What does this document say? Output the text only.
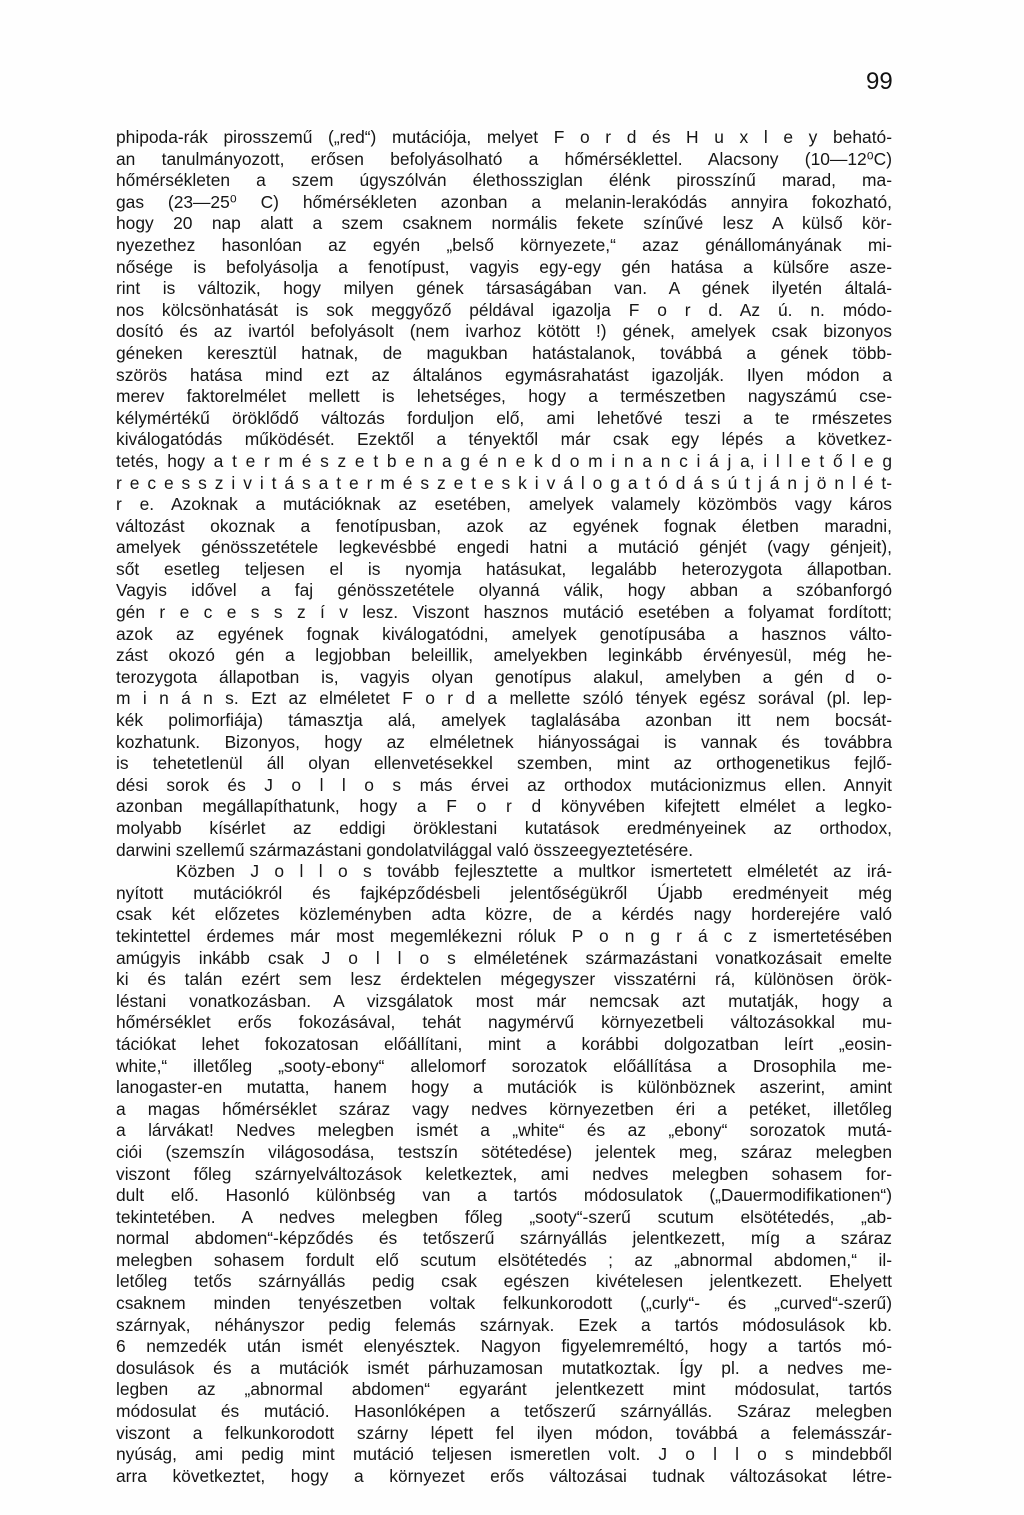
99
phipoda-rák pirosszemű („red“) mutációja, melyet F o r d és H u x l e y beható-
an tanulmányozott, erősen befolyásolható a hőmérséklettel. Alacsony (10—12⁰C)
hőmérsékleten a szem úgyszólván élethossziglan élénk pirosszínű marad, ma-
gas (23—25⁰ C) hőmérsékleten azonban a melanin-lerakódás annyira fokozható,
hogy 20 nap alatt a szem csaknem normális fekete színűvé lesz A külső kör-
nyezethez hasonlóan az egyén „belső környezete,“ azaz génállományának mi-
nősége is befolyásolja a fenotípust, vagyis egy-egy gén hatása a külsőre asze-
rint is változik, hogy milyen gének társaságában van. A gének ilyetén általá-
nos kölcsönhatását is sok meggyőző példával igazolja F o r d. Az ú. n. módo-
dosító és az ivartól befolyásolt (nem ivarhoz kötött !) gének, amelyek csak bizonyos
géneken keresztül hatnak, de magukban hatástalanok, továbbá a gének több-
szörös hatása mind ezt az általános egymásrahatást igazolják. Ilyen módon a
merev faktorelmélet mellett is lehetséges, hogy a természetben nagyszámú cse-
kélymértékű öröklődő változás forduljon elő, ami lehetővé teszi a te rmészetes
kiválogatódás működését. Ezektől a tényektől már csak egy lépés a következ-
tetés, hogy a t e r m é s z e t b e n a g é n e k d o m i n a n c i á j a, i l l e t ő l e g
r e c e s s z i v i t á s a t e r m é s z e t e s k i v á l o g a t ó d á s ú t j á n j ö n l é t-
r e. Azoknak a mutációknak az esetében, amelyek valamely közömbös vagy káros
változást okoznak a fenotípusban, azok az egyének fognak életben maradni,
amelyek génösszetétele legkevésbbé engedi hatni a mutáció génjét (vagy génjeit),
sőt esetleg teljesen el is nyomja hatásukat, legalább heterozygota állapotban.
Vagyis idővel a faj génösszetétele olyanná válik, hogy abban a szóbanforgó
gén r e c e s s z í v lesz. Viszont hasznos mutáció esetében a folyamat fordított;
azok az egyének fognak kiválogatódni, amelyek genotípusába a hasznos válto-
zást okozó gén a legjobban beleillik, amelyekben leginkább érvényesül, még he-
terozygota állapotban is, vagyis olyan genotípus alakul, amelyben a gén d o-
m i n á n s. Ezt az elméletet F o r d a mellette szóló tények egész sorával (pl. lep-
kék polimorfiája) támasztja alá, amelyek taglalásába azonban itt nem bocsát-
kozhatunk. Bizonyos, hogy az elméletnek hiányosságai is vannak és továbbra
is tehetetlenül áll olyan ellenvetésekkel szemben, mint az orthogenetikus fejlő-
dési sorok és J o l l o s más érvei az orthodox mutácionizmus ellen. Annyit
azonban megállapíthatunk, hogy a F o r d könyvében kifejtett elmélet a legko-
molyabb kísérlet az eddigi öröklestani kutatások eredményeinek az orthodox,
darwini szellemű származástani gondolatvilággal való összeegyeztetésére.
Közben J o l l o s tovább fejlesztette a multkor ismertetett elméletét az irá-
nyított mutációkról és fajképződésbeli jelentőségükről Újabb eredményeit még
csak két előzetes közleményben adta közre, de a kérdés nagy horderejére való
tekintettel érdemes már most megemlékezni róluk P o n g r á c z ismertetésében
amúgyis inkább csak J o l l o s elméletének származástani vonatkozásait emelte
ki és talán ezért sem lesz érdektelen mégegyszer visszatérni rá, különösen örök-
léstani vonatkozásban. A vizsgálatok most már nemcsak azt mutatják, hogy a
hőmérséklet erős fokozásával, tehát nagymérvű környezetbeli változásokkal mu-
tációkat lehet fokozatosan előállítani, mint a korábbi dolgozatban leírt „eosin-
white,“ illetőleg „sooty-ebony“ allelomorf sorozatok előállítása a Drosophila me-
lanogaster-en mutatta, hanem hogy a mutációk is különböznek aszerint, amint
a magas hőmérséklet száraz vagy nedves környezetben éri a petéket, illetőleg
a lárvákat! Nedves melegben ismét a „white“ és az „ebony“ sorozatok mutá-
ciói (szemszín világosodása, testszín sötétedése) jelentek meg, száraz melegben
viszont főleg szárnyelváltozások keletkeztek, ami nedves melegben sohasem for-
dult elő. Hasonló különbség van a tartós módosulatok („Dauermodifikationen“)
tekintetében. A nedves melegben főleg „sooty“-szerű scutum elsötétedés, „ab-
normal abdomen“-képződés és tetőszerű szárnyállás jelentkezett, míg a száraz
melegben sohasem fordult elő scutum elsötétedés ; az „abnormal abdomen,“ il-
letőleg tetős szárnyállás pedig csak egészen kivételesen jelentkezett. Ehelyett
csaknem minden tenyészetben voltak felkunkorodott („curly“- és „curved“-szerű)
szárnyak, néhányszor pedig felemás szárnyak. Ezek a tartós módosulások kb.
6 nemzedék után ismét elenyésztek. Nagyon figyelemreméltó, hogy a tartós mó-
dosulások és a mutációk ismét párhuzamosan mutatkoztak. Így pl. a nedves me-
legben az „abnormal abdomen“ egyaránt jelentkezett mint módosulat, tartós
módosulat és mutáció. Hasonlóképen a tetőszerű szárnyállás. Száraz melegben
viszont a felkunkorodott szárny lépett fel ilyen módon, továbbá a felemásszár-
nyúság, ami pedig mint mutáció teljesen ismeretlen volt. J o l l o s mindebből
arra következtet, hogy a környezet erős változásai tudnak változásokat létre-
